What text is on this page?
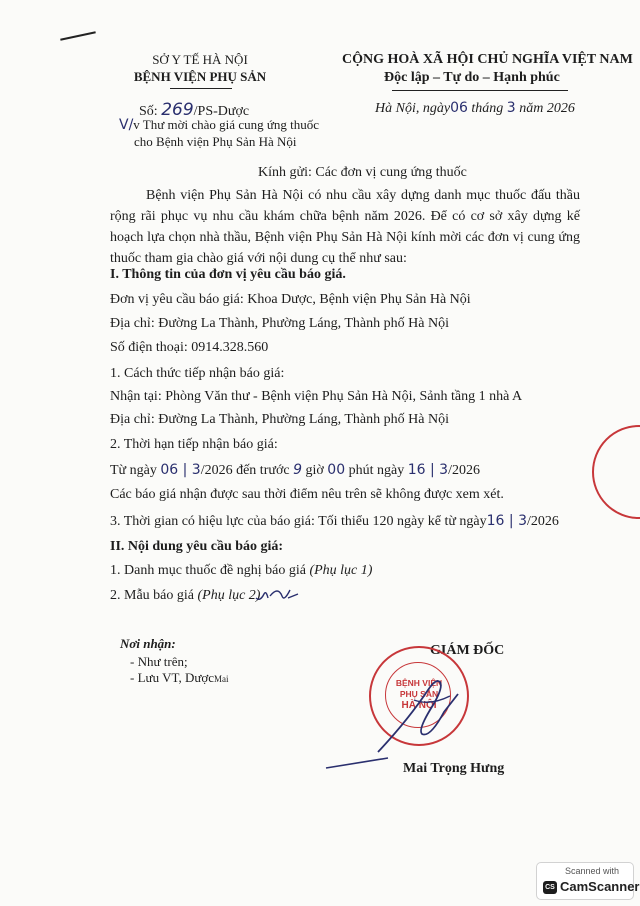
SỞ Y TẾ HÀ NỘI
BỆNH VIỆN PHỤ SẢN
CỘNG HOÀ XÃ HỘI CHỦ NGHĨA VIỆT NAM
Độc lập – Tự do – Hạnh phúc
Số: 269/PS-Dược	Hà Nội, ngày06 tháng 3 năm 2026
V/v Thư mời chào giá cung ứng thuốc
cho Bệnh viện Phụ Sản Hà Nội
Kính gửi: Các đơn vị cung ứng thuốc
Bệnh viện Phụ Sản Hà Nội có nhu cầu xây dựng danh mục thuốc đấu thầu rộng rãi phục vụ nhu cầu khám chữa bệnh năm 2026. Để có cơ sở xây dựng kế hoạch lựa chọn nhà thầu, Bệnh viện Phụ Sản Hà Nội kính mời các đơn vị cung ứng thuốc tham gia chào giá với nội dung cụ thể như sau:
I. Thông tin của đơn vị yêu cầu báo giá.
Đơn vị yêu cầu báo giá: Khoa Dược, Bệnh viện Phụ Sản Hà Nội
Địa chỉ: Đường La Thành, Phường Láng, Thành phố Hà Nội
Số điện thoại: 0914.328.560
1. Cách thức tiếp nhận báo giá:
Nhận tại: Phòng Văn thư - Bệnh viện Phụ Sản Hà Nội, Sảnh tầng 1 nhà A
Địa chỉ: Đường La Thành, Phường Láng, Thành phố Hà Nội
2. Thời hạn tiếp nhận báo giá:
Từ ngày 06 | 3/2026 đến trước 9 giờ 00 phút ngày 16 | 3/2026
Các báo giá nhận được sau thời điểm nêu trên sẽ không được xem xét.
3. Thời gian có hiệu lực của báo giá: Tối thiểu 120 ngày kể từ ngày16 | 3/2026
II. Nội dung yêu cầu báo giá:
1. Danh mục thuốc đề nghị báo giá (Phụ lục 1)
2. Mẫu báo giá (Phụ lục 2)
Nơi nhận:
- Như trên;
- Lưu VT, DượcMai
GIÁM ĐỐC
BỆNH VIỆN
PHỤ SẢN
HÀ NỘI
Mai Trọng Hưng
Scanned with
CS CamScanner
